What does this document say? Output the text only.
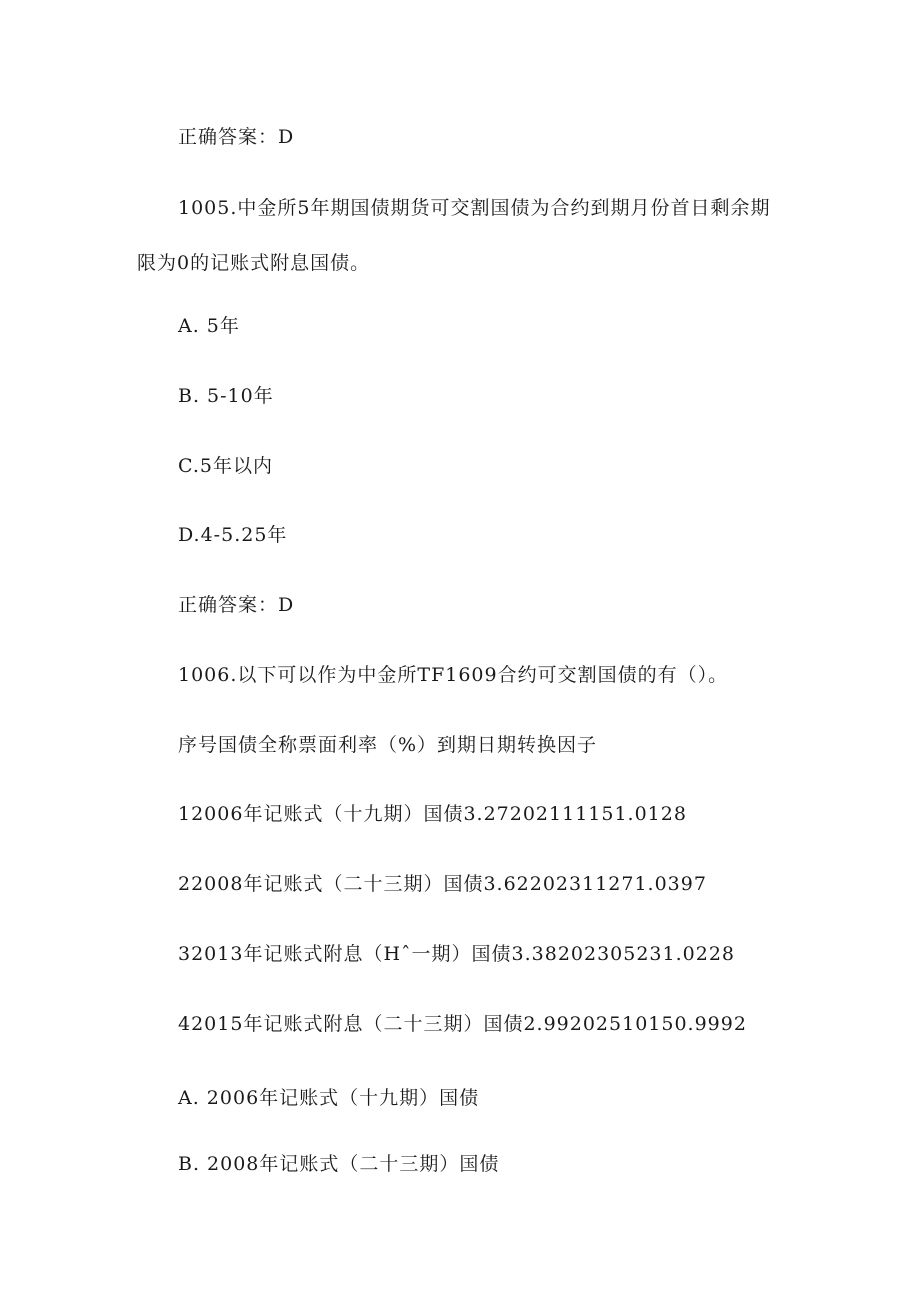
正确答案：D
1005.中金所5年期国债期货可交割国债为合约到期月份首日剩余期
限为0的记账式附息国债。
A. 5年
B. 5-10年
C.5年以内
D.4-5.25年
正确答案：D
1006.以下可以作为中金所TF1609合约可交割国债的有（）。
序号国债全称票面利率（%）到期日期转换因子
12006年记账式（十九期）国债3.27202111151.0128
22008年记账式（二十三期）国债3.62202311271.0397
32013年记账式附息（Hˆ一期）国债3.38202305231.0228
42015年记账式附息（二十三期）国债2.99202510150.9992
A. 2006年记账式（十九期）国债
B. 2008年记账式（二十三期）国债
